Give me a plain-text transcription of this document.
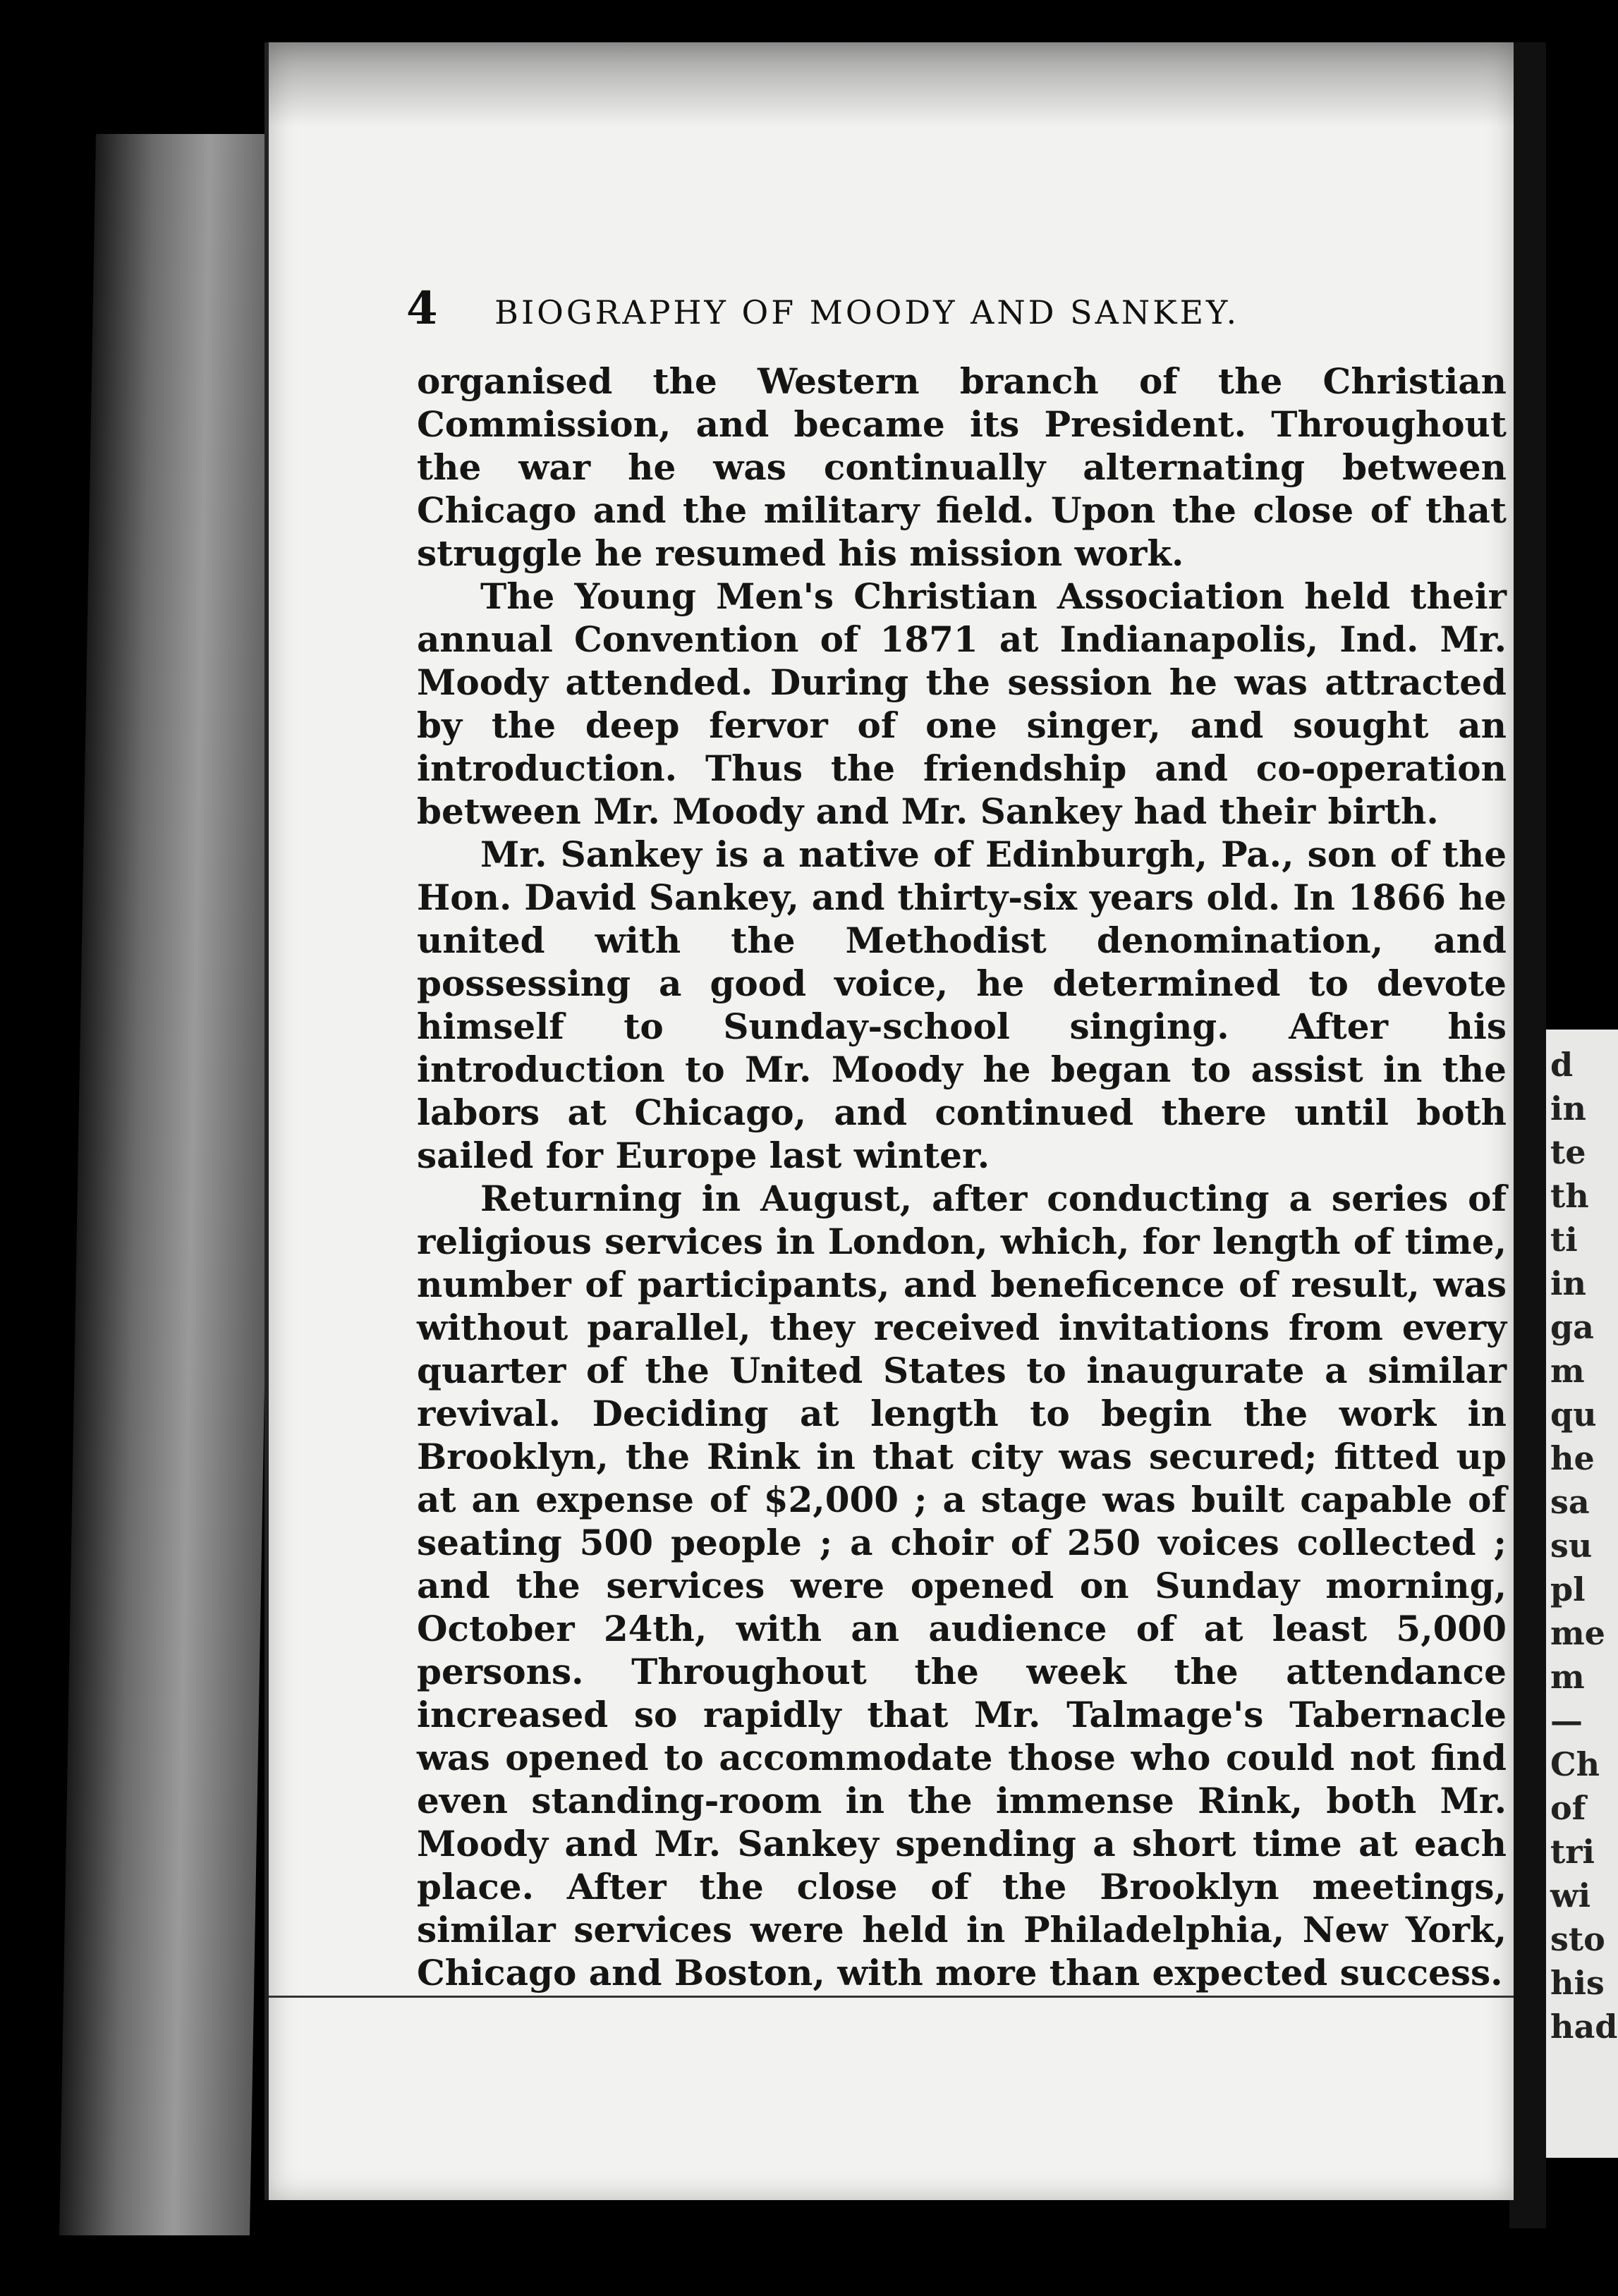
d
in
te
th
ti
in
ga
m
qu
he
sa
su
pl
me
m
—
Ch
of
tri
wi
sto
his
had
4 BIOGRAPHY OF MOODY AND SANKEY.

organised the Western branch of the Christian Commission, and became its President. Throughout the war he was continually alternating between Chicago and the military field. Upon the close of that struggle he resumed his mission work.

The Young Men's Christian Association held their annual Convention of 1871 at Indianapolis, Ind. Mr. Moody attended. During the session he was attracted by the deep fervor of one singer, and sought an introduction. Thus the friendship and co-operation between Mr. Moody and Mr. Sankey had their birth.

Mr. Sankey is a native of Edinburgh, Pa., son of the Hon. David Sankey, and thirty-six years old. In 1866 he united with the Methodist denomination, and possessing a good voice, he determined to devote himself to Sunday-school singing. After his introduction to Mr. Moody he began to assist in the labors at Chicago, and continued there until both sailed for Europe last winter.

Returning in August, after conducting a series of religious services in London, which, for length of time, number of participants, and beneficence of result, was without parallel, they received invitations from every quarter of the United States to inaugurate a similar revival. Deciding at length to begin the work in Brooklyn, the Rink in that city was secured; fitted up at an expense of $2,000 ; a stage was built capable of seating 500 people ; a choir of 250 voices collected ; and the services were opened on Sunday morning, October 24th, with an audience of at least 5,000 persons. Throughout the week the attendance increased so rapidly that Mr. Talmage's Tabernacle was opened to accommodate those who could not find even standing-room in the immense Rink, both Mr. Moody and Mr. Sankey spending a short time at each place. After the close of the Brooklyn meetings, similar services were held in Philadelphia, New York, Chicago and Boston, with more than expected success.
